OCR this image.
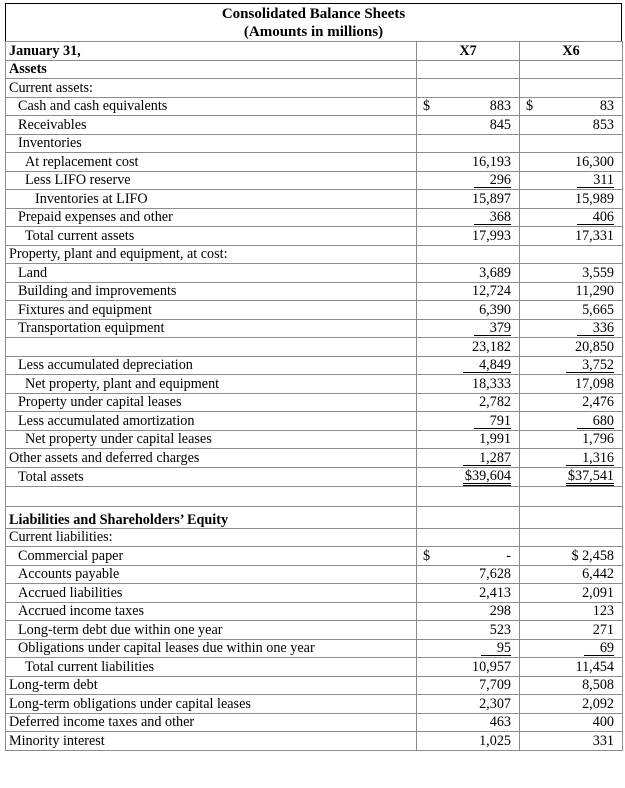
Consolidated Balance Sheets
(Amounts in millions)
January 31,	X7	X6
Assets		
Current assets:		
Cash and cash equivalents	$ 883	$ 83
Receivables	845	853
Inventories		
At replacement cost	16,193	16,300
Less LIFO reserve	296	311
Inventories at LIFO	15,897	15,989
Prepaid expenses and other	368	406
Total current assets	17,993	17,331
Property, plant and equipment, at cost:		
Land	3,689	3,559
Building and improvements	12,724	11,290
Fixtures and equipment	6,390	5,665
Transportation equipment	379	336
	23,182	20,850
Less accumulated depreciation	4,849	3,752
Net property, plant and equipment	18,333	17,098
Property under capital leases	2,782	2,476
Less accumulated amortization	791	680
Net property under capital leases	1,991	1,796
Other assets and deferred charges	1,287	1,316
Total assets	$39,604	$37,541

Liabilities and Shareholders’ Equity		
Current liabilities:		
Commercial paper	$ -	$ 2,458
Accounts payable	7,628	6,442
Accrued liabilities	2,413	2,091
Accrued income taxes	298	123
Long-term debt due within one year	523	271
Obligations under capital leases due within one year	95	69
Total current liabilities	10,957	11,454
Long-term debt	7,709	8,508
Long-term obligations under capital leases	2,307	2,092
Deferred income taxes and other	463	400
Minority interest	1,025	331
